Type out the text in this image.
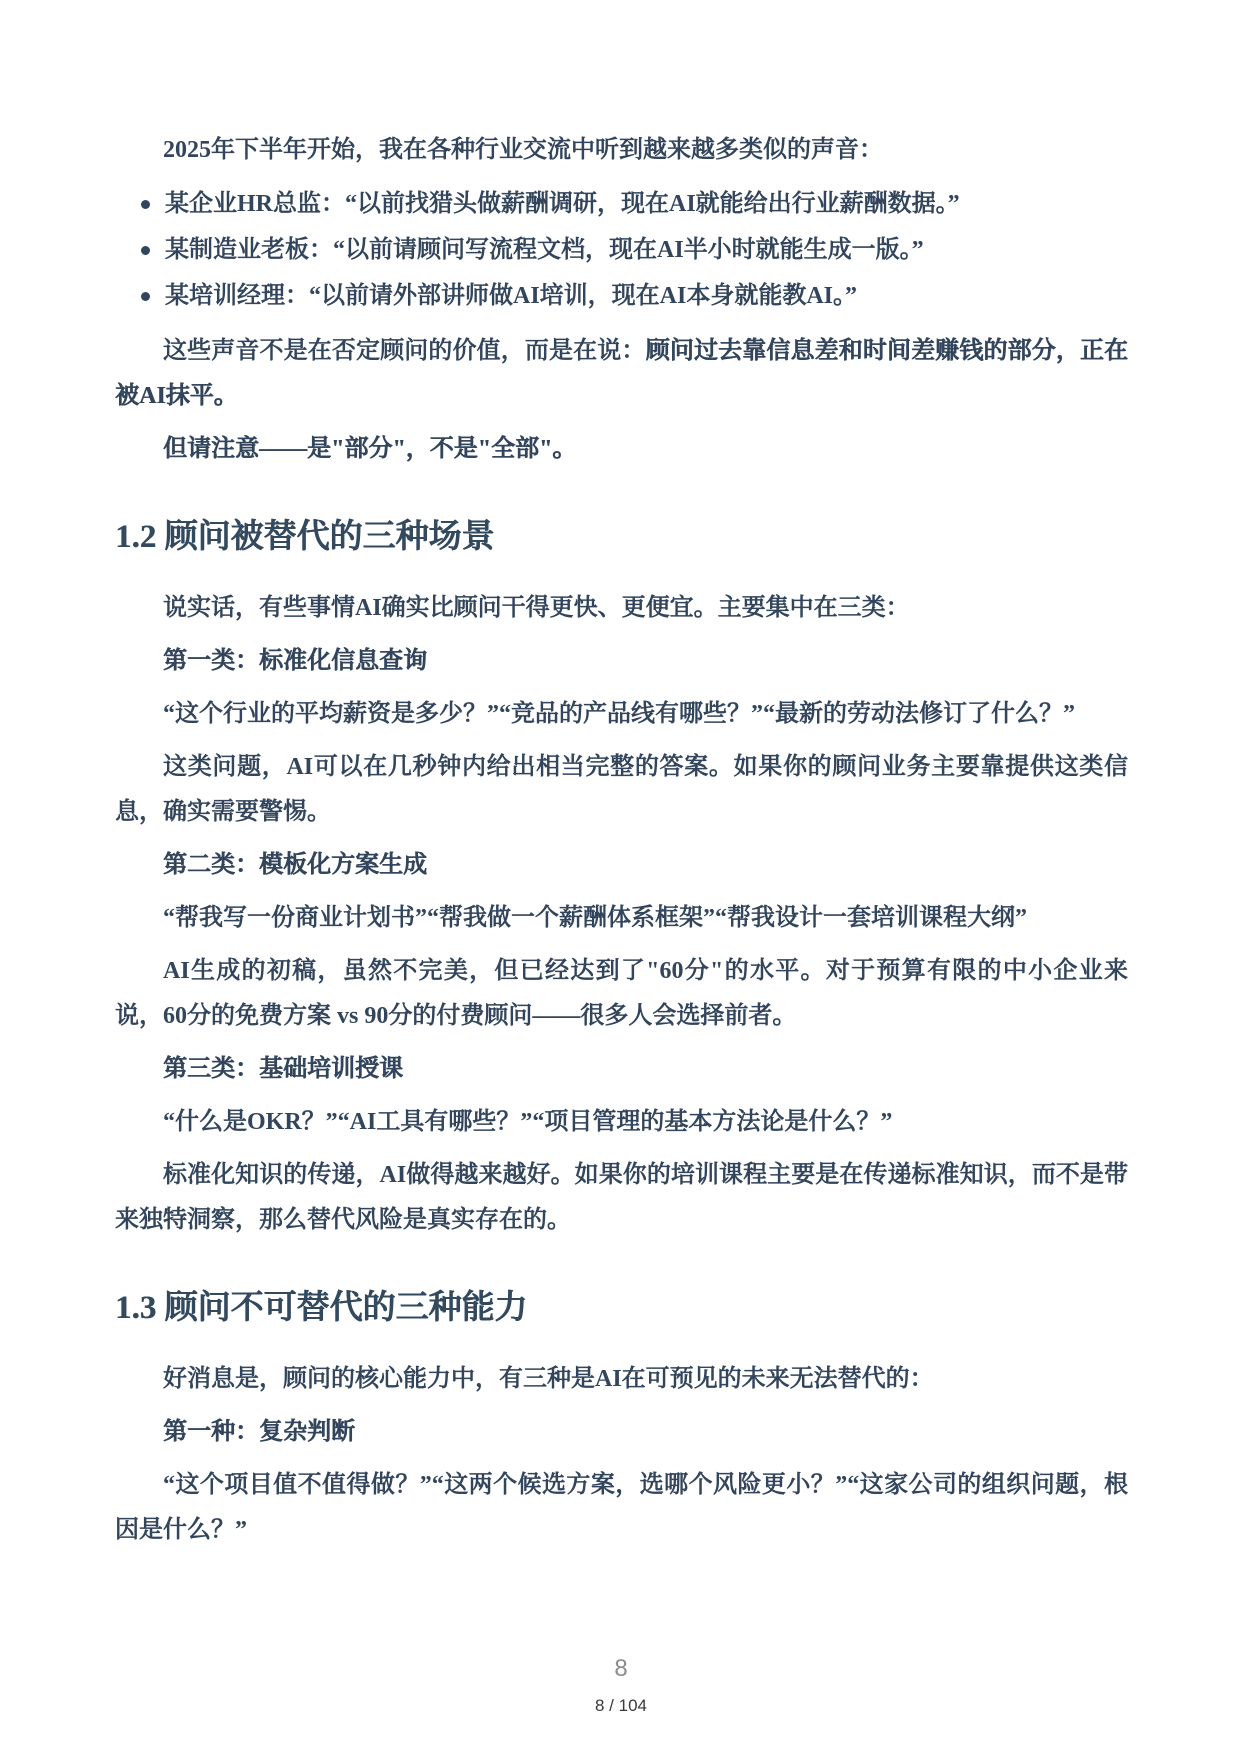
2025年下半年开始，我在各种行业交流中听到越来越多类似的声音：

某企业HR总监：“以前找猎头做薪酬调研，现在AI就能给出行业薪酬数据。”
某制造业老板：“以前请顾问写流程文档，现在AI半小时就能生成一版。”
某培训经理：“以前请外部讲师做AI培训，现在AI本身就能教AI。”

这些声音不是在否定顾问的价值，而是在说：顾问过去靠信息差和时间差赚钱的部分，正在被AI抹平。

但请注意——是"部分"，不是"全部"。

1.2 顾问被替代的三种场景

说实话，有些事情AI确实比顾问干得更快、更便宜。主要集中在三类：

第一类：标准化信息查询

“这个行业的平均薪资是多少？”“竞品的产品线有哪些？”“最新的劳动法修订了什么？”

这类问题，AI可以在几秒钟内给出相当完整的答案。如果你的顾问业务主要靠提供这类信息，确实需要警惕。

第二类：模板化方案生成

“帮我写一份商业计划书”“帮我做一个薪酬体系框架”“帮我设计一套培训课程大纲”

AI生成的初稿，虽然不完美，但已经达到了"60分"的水平。对于预算有限的中小企业来说，60分的免费方案 vs 90分的付费顾问——很多人会选择前者。

第三类：基础培训授课

“什么是OKR？”“AI工具有哪些？”“项目管理的基本方法论是什么？”

标准化知识的传递，AI做得越来越好。如果你的培训课程主要是在传递标准知识，而不是带来独特洞察，那么替代风险是真实存在的。

1.3 顾问不可替代的三种能力

好消息是，顾问的核心能力中，有三种是AI在可预见的未来无法替代的：

第一种：复杂判断

“这个项目值不值得做？”“这两个候选方案，选哪个风险更小？”“这家公司的组织问题，根因是什么？”

8
8 / 104
